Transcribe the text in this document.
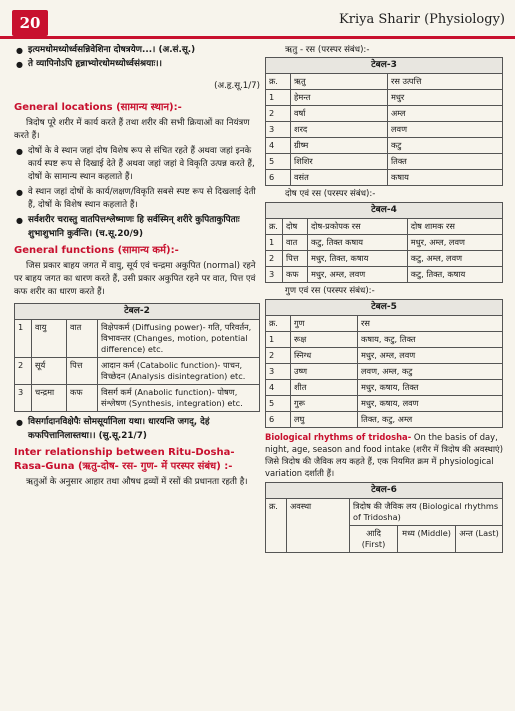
20	Kriya Sharir (Physiology)

● इत्यमधोमध्योर्ध्वसन्निवेशिना दोषत्रयेण...। (अ.सं.सू.)

● ते व्यापिनोऽपि हृन्नाभ्योरधोमध्योर्ध्वसंश्रयाः।।

(अ.हृ.सू.1/7)

General locations (सामान्य स्थान):-

त्रिदोष पूरे शरीर में कार्य करते हैं तथा शरीर की सभी क्रियाओं का नियंत्रण करते हैं।

● दोषों के वे स्थान जहां दोष विशेष रूप से संचित रहते हैं अथवा जहां इनके कार्य स्पष्ट रूप से दिखाई देते हैं अथवा जहां जहां वे विकृति उत्पन्न करते हैं, दोषों के सामान्य स्थान कहलाते हैं।

● वे स्थान जहां दोषों के कार्य/लक्षण/विकृति सबसे स्पष्ट रूप से दिखलाई देती हैं, दोषों के विशेष स्थान कहलाते हैं।

● सर्वशरीर चरास्तु वातपित्तश्लेष्माणः हि सर्वस्मिन् शरीरे कुपिताकुपिताः शुभाशुभानि कुर्वन्ति। (च.सू.20/9)

General functions (सामान्य कर्म):-

जिस प्रकार बाहय जगत में वायु, सूर्य एवं चन्द्रमा अकुपित (normal) रहने पर बाहय जगत का धारण करते हैं, उसी प्रकार अकुपित रहने पर वात, पित्त एवं कफ शरीर का धारण करते हैं।

टेबल-2			
1	वायु	वात	विक्षेपकर्म (Diffusing power)- गति, परिवर्तन, विभावन्तर (Changes, motion, potential difference) etc.
2	सूर्य	पित्त	आदान कर्म (Catabolic function)- पाचन, विच्छेदन (Analysis disintegration) etc.
3	चन्द्रमा	कफ	विसर्ग कर्म (Anabolic function)- पोषण, संश्लेषण (Synthesis, integration) etc.

● विसर्गादानविक्षेपैः सोमसूर्यानिला यथा। धारयन्ति जगद्, देहं कफपित्तानिलास्तथा।। (सु.सू.21/7)

Inter relationship between Ritu-Dosha-Rasa-Guna (ऋतु-दोष- रस- गुण- में परस्पर संबंध) :-

ऋतुओं के अनुसार आहार तथा औषध द्रव्यों में रसों की प्रधानता रहती है।

ऋतु - रस (परस्पर संबंध):-

टेबल-3		
क्र.	ऋतु	रस उत्पत्ति
1	हेमन्त	मधुर
2	वर्षा	अम्ल
3	शरद	लवण
4	ग्रीष्म	कटु
5	शिशिर	तिक्त
6	वसंत	कषाय

दोष एवं रस (परस्पर संबंध):-

टेबल-4			
क्र.	दोष	दोष-प्रकोपक रस	दोष शामक रस
1	वात	कटु, तिक्त कषाय	मधुर, अम्ल, लवण
2	पित्त	मधुर, तिक्त, कषाय	कटु, अम्ल, लवण
3	कफ	मधुर, अम्ल, लवण	कटु, तिक्त, कषाय

गुण एवं रस (परस्पर संबंध):-

टेबल-5		
क्र.	गुण	रस
1	रूक्ष	कषाय, कटु, तिक्त
2	स्निग्ध	मधुर, अम्ल, लवण
3	उष्ण	लवण, अम्ल, कटु
4	शीत	मधुर, कषाय, तिक्त
5	गुरू	मधुर, कषाय, लवण
6	लघु	तिक्त, कटु, अम्ल

Biological rhythms of tridosha- On the basis of day, night, age, season and food intake (शरीर में त्रिदोष की अवस्थाएं) जिसे त्रिदोष की जैविक लय कहते हैं, एक नियमित क्रम में physiological variation दर्शाती हैं।

टेबल-6				
क्र.	अवस्था	त्रिदोष की जैविक लय (Biological rhythms of Tridosha)		
		आदि (First)	मध्य (Middle)	अन्त (Last)
